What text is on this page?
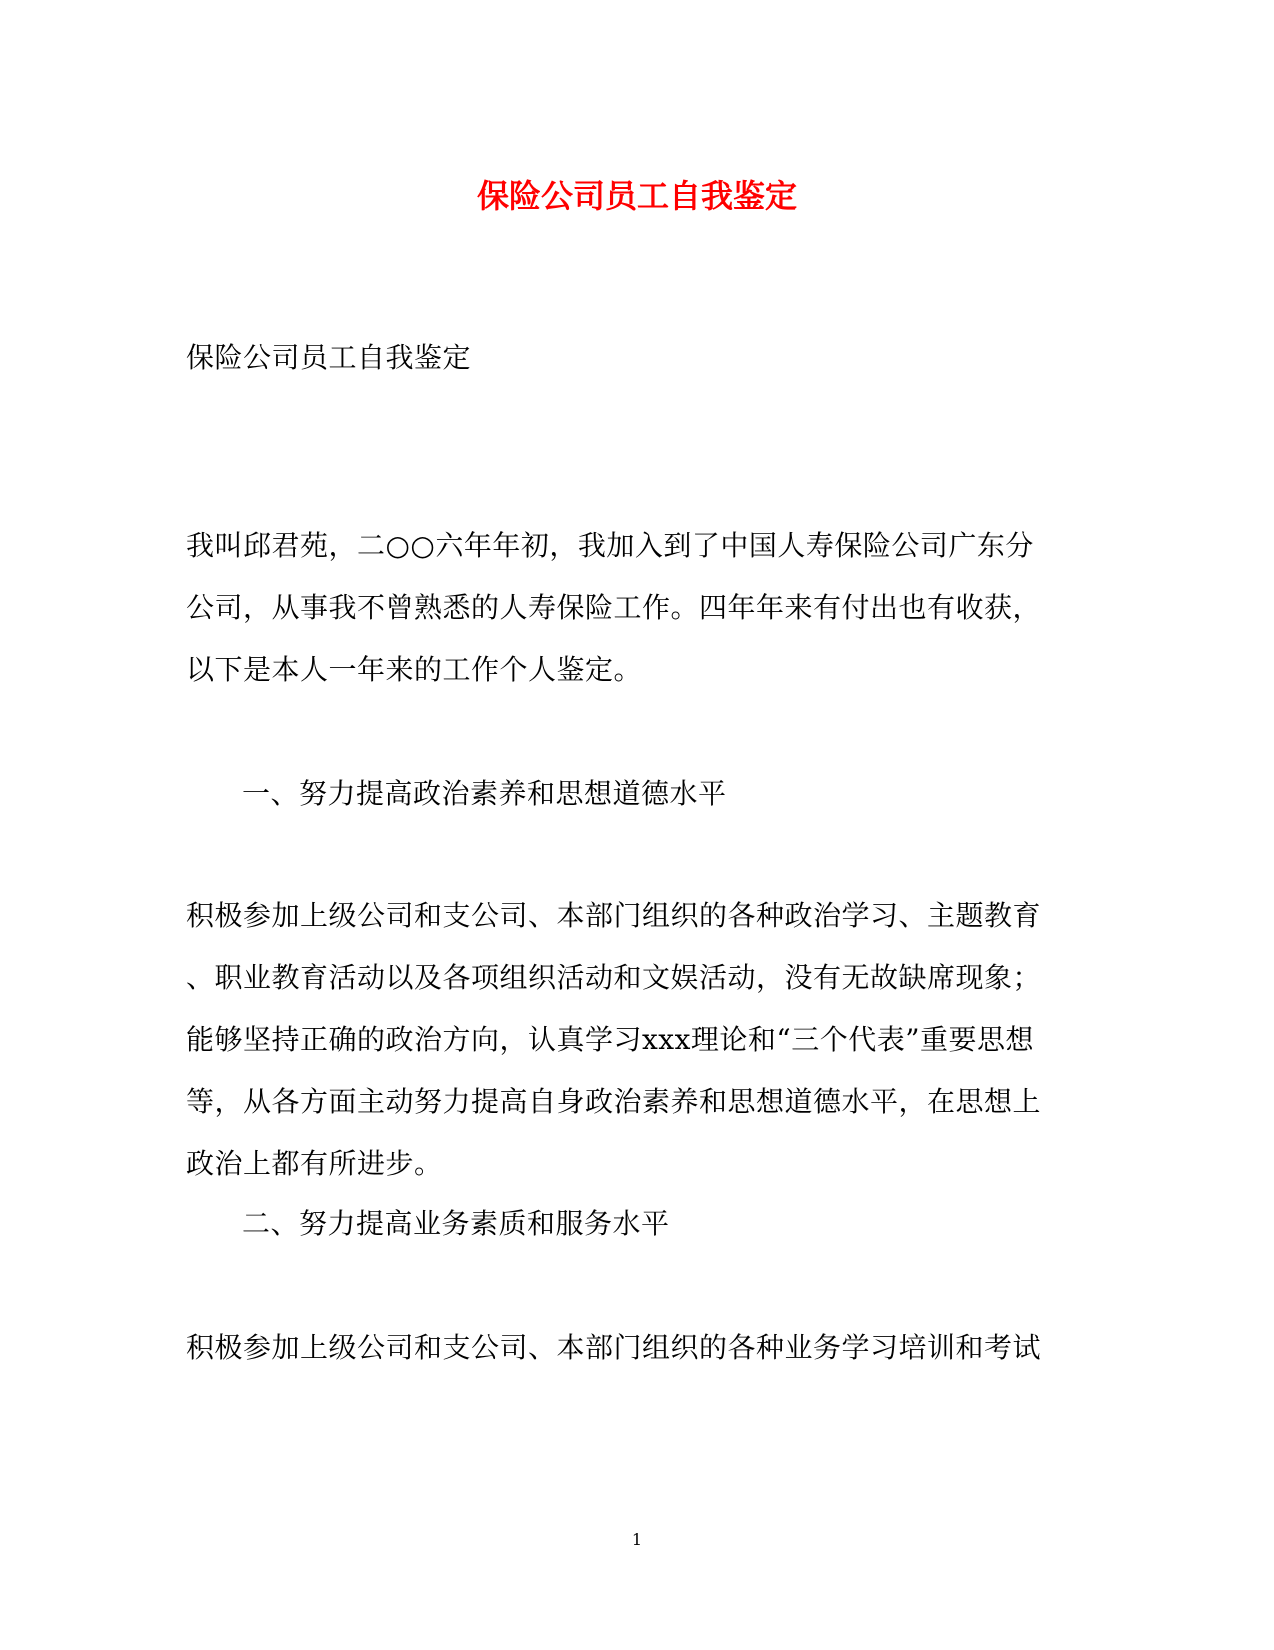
保险公司员工自我鉴定
保险公司员工自我鉴定
我叫邱君苑，二○○六年年初，我加入到了中国人寿保险公司广东分
公司，从事我不曾熟悉的人寿保险工作。四年年来有付出也有收获，
以下是本人一年来的工作个人鉴定。
一、努力提高政治素养和思想道德水平
积极参加上级公司和支公司、本部门组织的各种政治学习、主题教育
、职业教育活动以及各项组织活动和文娱活动，没有无故缺席现象；
能够坚持正确的政治方向，认真学习xxx理论和“三个代表”重要思想
等，从各方面主动努力提高自身政治素养和思想道德水平，在思想上
政治上都有所进步。
二、努力提高业务素质和服务水平
积极参加上级公司和支公司、本部门组织的各种业务学习培训和考试
1
